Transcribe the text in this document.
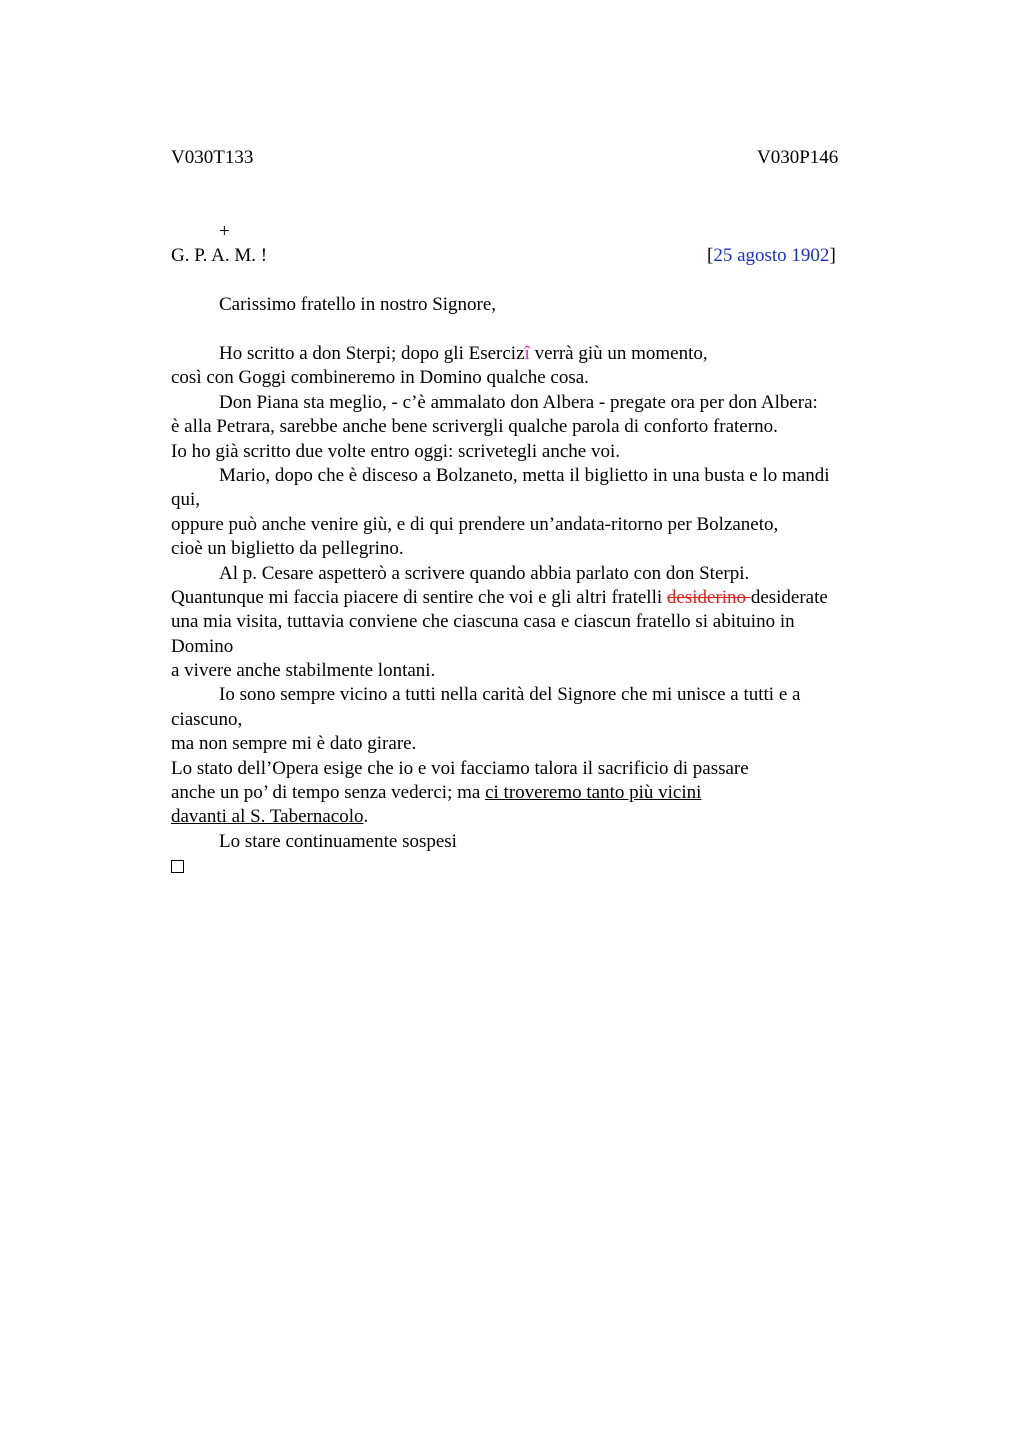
V030T133	V030P146
+
G. P. A. M. !	[25 agosto 1902]
Carissimo fratello in nostro Signore,
Ho scritto a don Sterpi; dopo gli Esercizî verrà giù un momento,
così con Goggi combineremo in Domino qualche cosa.
Don Piana sta meglio, - c’è ammalato don Albera - pregate ora per don Albera:
è alla Petrara, sarebbe anche bene scrivergli qualche parola di conforto fraterno.
Io ho già scritto due volte entro oggi: scrivetegli anche voi.
Mario, dopo che è disceso a Bolzaneto, metta il biglietto in una busta e lo mandi
qui,
oppure può anche venire giù, e di qui prendere un’andata-ritorno per Bolzaneto,
cioè un biglietto da pellegrino.
Al p. Cesare aspetterò a scrivere quando abbia parlato con don Sterpi.
Quantunque mi faccia piacere di sentire che voi e gli altri fratelli desiderino desiderate
una mia visita, tuttavia conviene che ciascuna casa e ciascun fratello si abituino in
Domino
a vivere anche stabilmente lontani.
Io sono sempre vicino a tutti nella carità del Signore che mi unisce a tutti e a
ciascuno,
ma non sempre mi è dato girare.
Lo stato dell’Opera esige che io e voi facciamo talora il sacrificio di passare
anche un po’ di tempo senza vederci; ma ci troveremo tanto più vicini
davanti al S. Tabernacolo.
Lo stare continuamente sospesi
